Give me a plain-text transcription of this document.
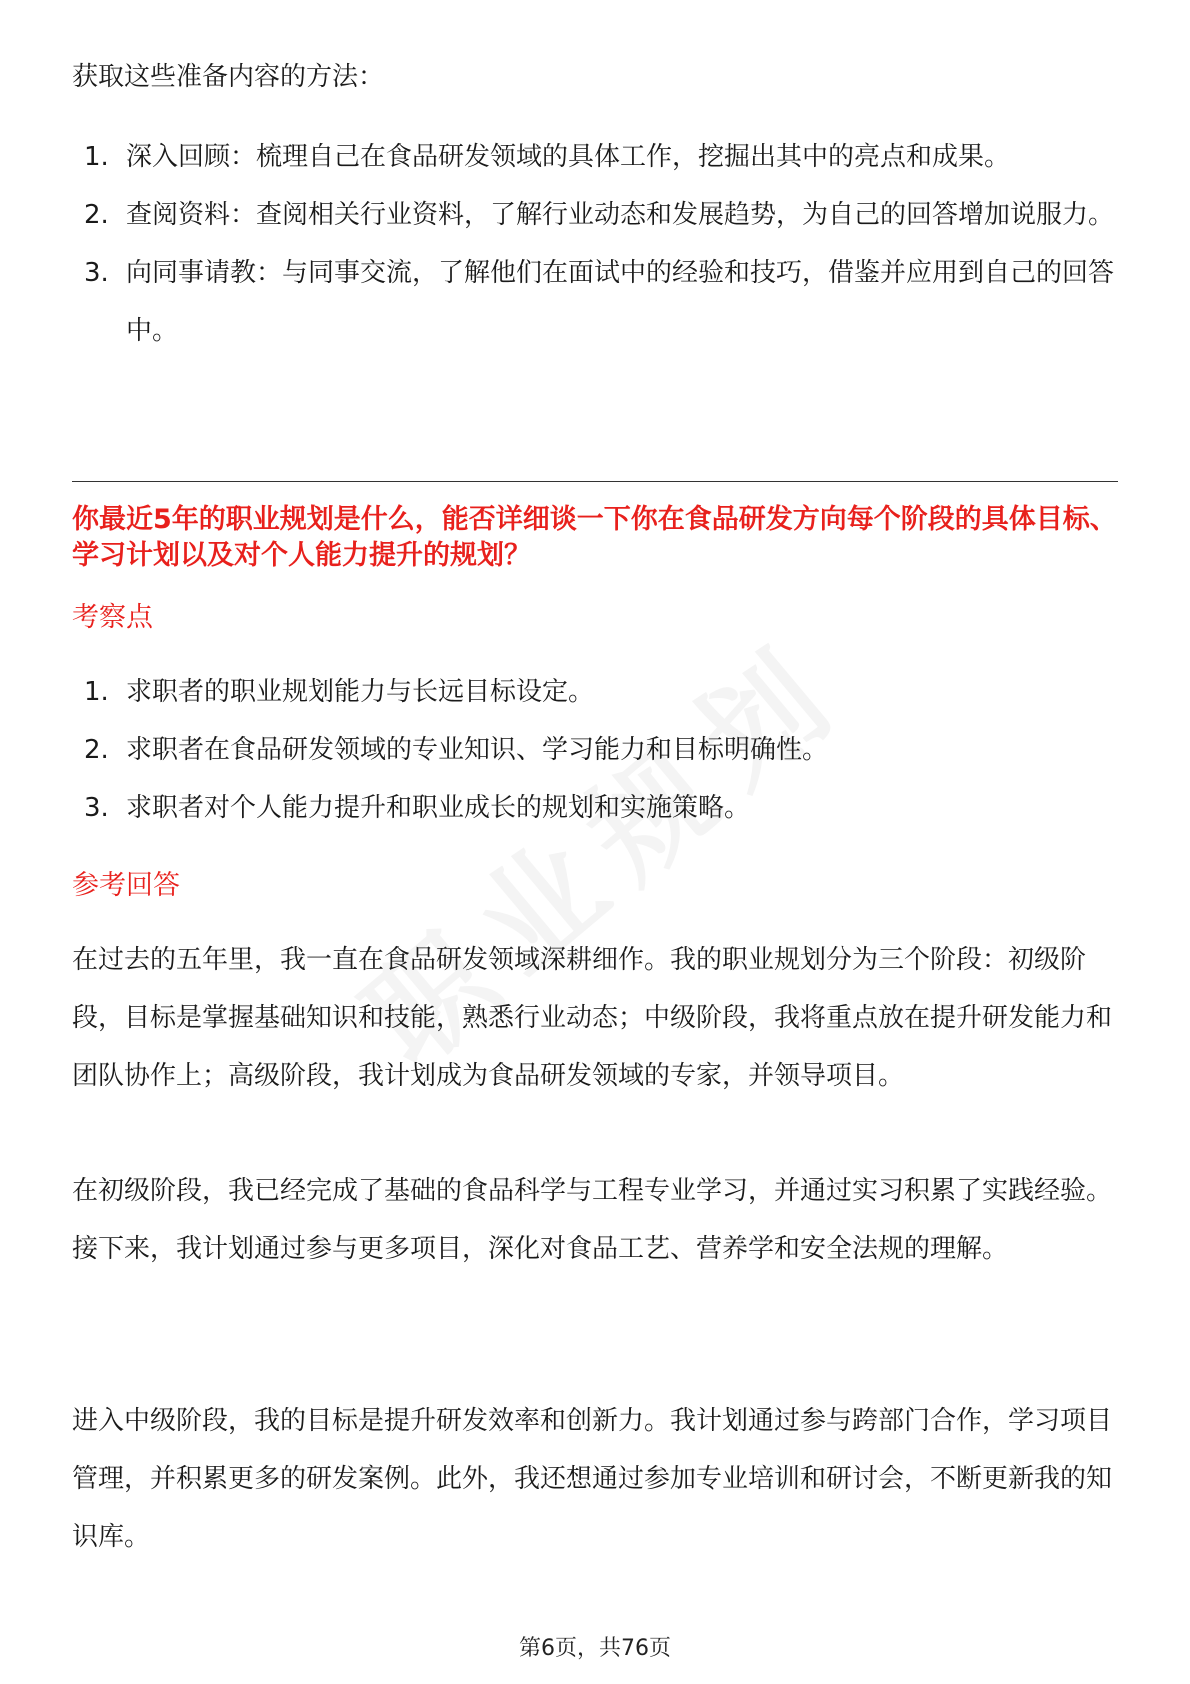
获取这些准备内容的方法：
1. 深入回顾：梳理自己在食品研发领域的具体工作，挖掘出其中的亮点和成果。
2. 查阅资料：查阅相关行业资料，了解行业动态和发展趋势，为自己的回答增加说服力。
3. 向同事请教：与同事交流，了解他们在面试中的经验和技巧，借鉴并应用到自己的回答中。
你最近5年的职业规划是什么，能否详细谈一下你在食品研发方向每个阶段的具体目标、学习计划以及对个人能力提升的规划？
考察点
1. 求职者的职业规划能力与长远目标设定。
2. 求职者在食品研发领域的专业知识、学习能力和目标明确性。
3. 求职者对个人能力提升和职业成长的规划和实施策略。
参考回答
在过去的五年里，我一直在食品研发领域深耕细作。我的职业规划分为三个阶段：初级阶段，目标是掌握基础知识和技能，熟悉行业动态；中级阶段，我将重点放在提升研发能力和团队协作上；高级阶段，我计划成为食品研发领域的专家，并领导项目。
在初级阶段，我已经完成了基础的食品科学与工程专业学习，并通过实习积累了实践经验。接下来，我计划通过参与更多项目，深化对食品工艺、营养学和安全法规的理解。
进入中级阶段，我的目标是提升研发效率和创新力。我计划通过参与跨部门合作，学习项目管理，并积累更多的研发案例。此外，我还想通过参加专业培训和研讨会，不断更新我的知识库。
第6页，共76页
